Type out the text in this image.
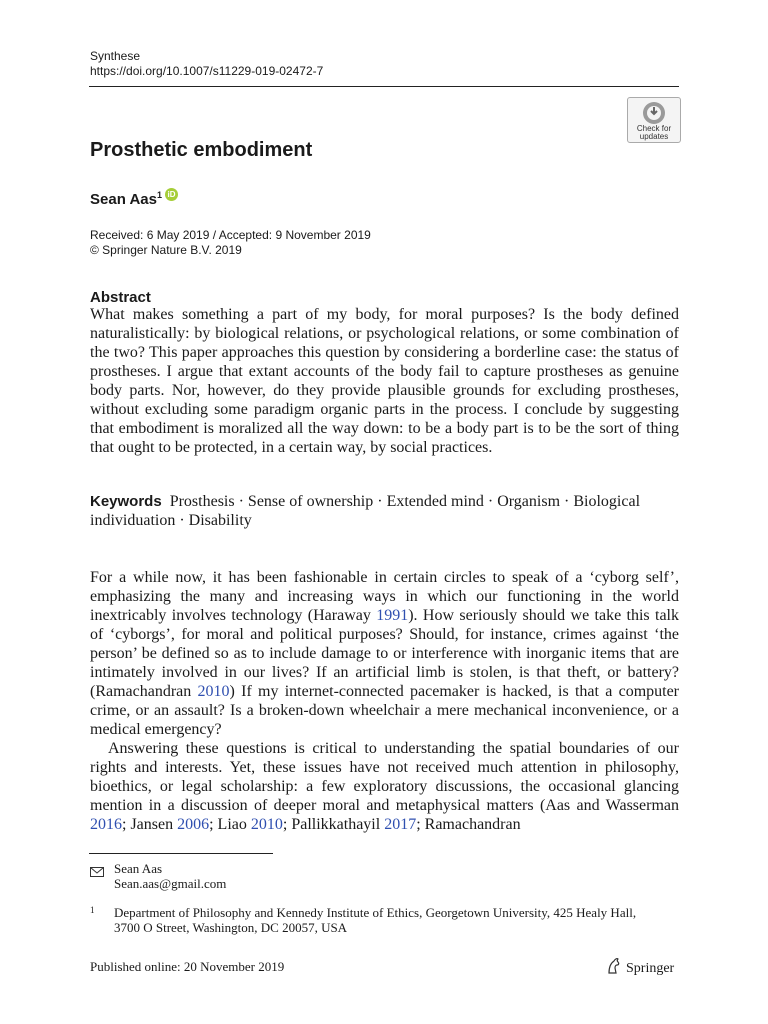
Synthese
https://doi.org/10.1007/s11229-019-02472-7
Check for
updates
Prosthetic embodiment
Sean Aas$^1$ iD
Received: 6 May 2019 / Accepted: 9 November 2019
© Springer Nature B.V. 2019
Abstract
What makes something a part of my body, for moral purposes? Is the body defined naturalistically: by biological relations, or psychological relations, or some combination of the two? This paper approaches this question by considering a borderline case: the status of prostheses. I argue that extant accounts of the body fail to capture prostheses as genuine body parts. Nor, however, do they provide plausible grounds for excluding prostheses, without excluding some paradigm organic parts in the process. I conclude by suggesting that embodiment is moralized all the way down: to be a body part is to be the sort of thing that ought to be protected, in a certain way, by social practices.
Keywords Prosthesis · Sense of ownership · Extended mind · Organism · Biological individuation · Disability

For a while now, it has been fashionable in certain circles to speak of a ‘cyborg self’, emphasizing the many and increasing ways in which our functioning in the world inextricably involves technology (Haraway 1991). How seriously should we take this talk of ‘cyborgs’, for moral and political purposes? Should, for instance, crimes against ‘the person’ be defined so as to include damage to or interference with inorganic items that are intimately involved in our lives? If an artificial limb is stolen, is that theft, or battery? (Ramachandran 2010) If my internet-connected pacemaker is hacked, is that a computer crime, or an assault? Is a broken-down wheelchair a mere mechanical inconvenience, or a medical emergency?

Answering these questions is critical to understanding the spatial boundaries of our rights and interests. Yet, these issues have not received much attention in philosophy, bioethics, or legal scholarship: a few exploratory discussions, the occasional glancing mention in a discussion of deeper moral and metaphysical matters (Aas and Wasserman 2016; Jansen 2006; Liao 2010; Pallikkathayil 2017; Ramachandran

Sean Aas
Sean.aas@gmail.com
1 Department of Philosophy and Kennedy Institute of Ethics, Georgetown University, 425 Healy Hall, 3700 O Street, Washington, DC 20057, USA
Published online: 20 November 2019	Springer
